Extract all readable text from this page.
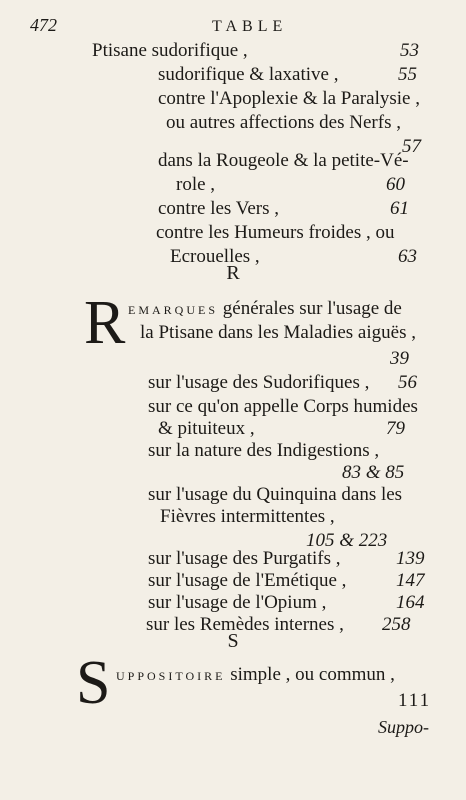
472	TABLE
Ptisane sudorifique ,	53
sudorifique & laxative ,	55
contre l'Apoplexie & la Paralysie ,
ou autres affections des Nerfs ,
57
dans la Rougeole & la petite-Vé-
role ,	60
contre les Vers ,	61
contre les Humeurs froides , ou
Ecrouelles ,	63
R
R EMARQUES générales sur l'usage de
la Ptisane dans les Maladies aiguës ,
39
sur l'usage des Sudorifiques , 56
sur ce qu'on appelle Corps humides
& pituiteux ,	79
sur la nature des Indigestions ,
83 & 85
sur l'usage du Quinquina dans les
Fièvres intermittentes ,
105 & 223
sur l'usage des Purgatifs ,	139
sur l'usage de l'Emétique ,	147
sur l'usage de l'Opium ,	164
sur les Remèdes internes , 258
S
S UPPOSITOIRE simple , ou commun ,
111
Suppo-
